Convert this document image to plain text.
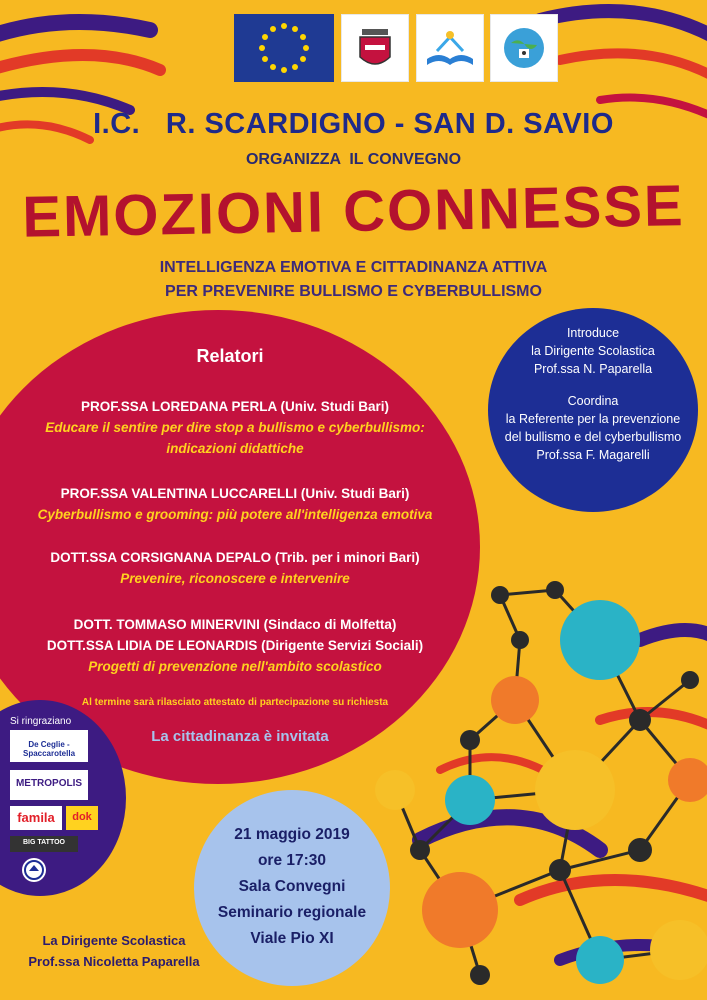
I.C.   R. SCARDIGNO - SAN D. SAVIO
ORGANIZZA  IL CONVEGNO
EMOZIONI CONNESSE
INTELLIGENZA EMOTIVA E CITTADINANZA ATTIVA
PER PREVENIRE BULLISMO E CYBERBULLISMO
Relatori
PROF.SSA LOREDANA PERLA (Univ. Studi Bari)
Educare il sentire per dire stop a bullismo e cyberbullismo:
indicazioni didattiche
PROF.SSA VALENTINA LUCCARELLI (Univ. Studi Bari)
Cyberbullismo e grooming: più potere all'intelligenza emotiva
DOTT.SSA CORSIGNANA DEPALO (Trib. per i minori Bari)
Prevenire, riconoscere e intervenire
DOTT. TOMMASO MINERVINI (Sindaco di Molfetta)
DOTT.SSA LIDIA DE LEONARDIS (Dirigente Servizi Sociali)
Progetti di prevenzione nell'ambito scolastico
Al termine sarà rilasciato attestato di partecipazione su richiesta
La cittadinanza è invitata
Introduce
la Dirigente Scolastica
Prof.ssa N. Paparella
Coordina
la Referente per la prevenzione
del bullismo e del cyberbullismo
Prof.ssa F. Magarelli
Si ringraziano
De Ceglie - Spaccarotella
METROPOLIS
famila	dok
BIG TATTOO	21 maggio 2019
ore 17:30
Sala Convegni
Seminario regionale
Viale Pio XI
La Dirigente Scolastica
Prof.ssa Nicoletta Paparella
